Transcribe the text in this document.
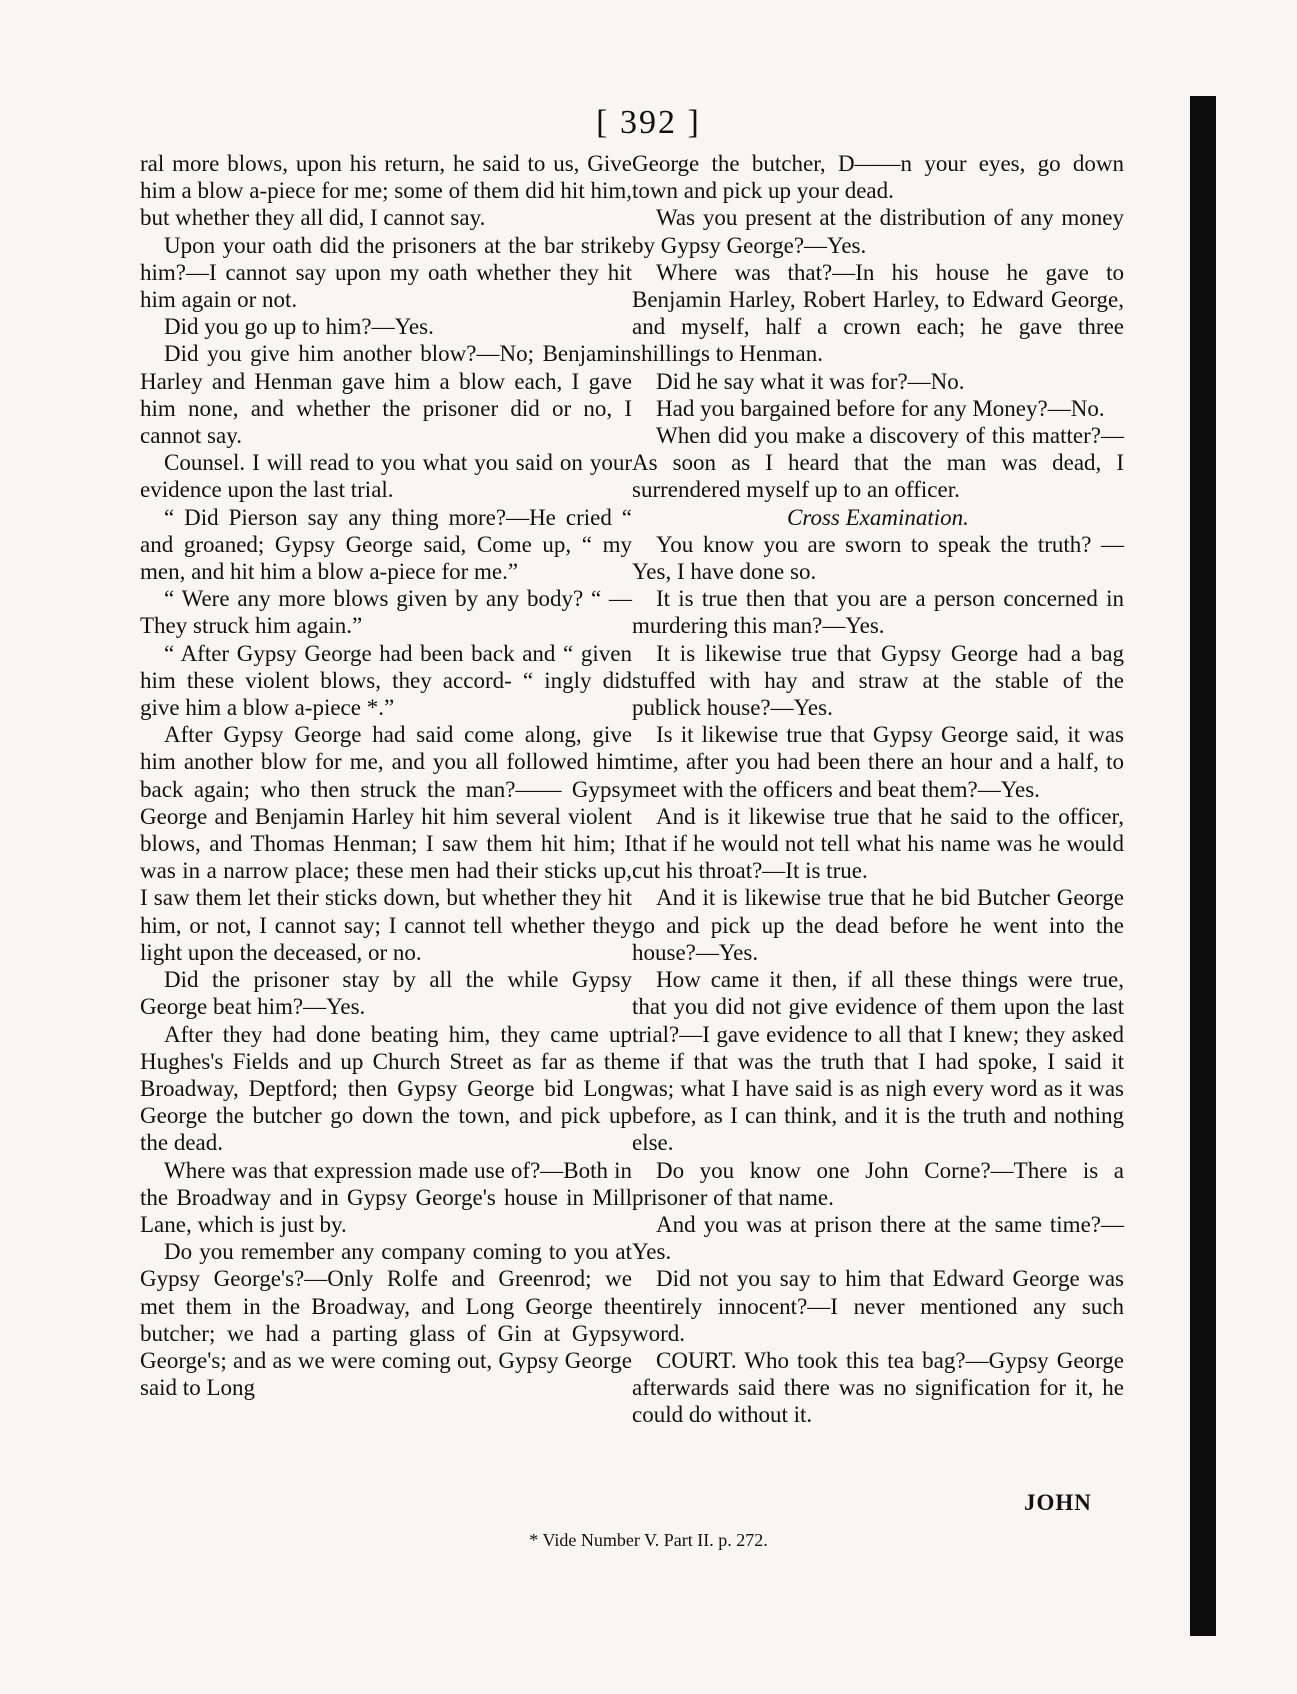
[ 392 ]

ral more blows, upon his return, he said to us, Give him a blow a-piece for me; some of them did hit him, but whether they all did, I cannot say.

Upon your oath did the prisoners at the bar strike him?—I cannot say upon my oath whether they hit him again or not.

Did you go up to him?—Yes.

Did you give him another blow?—No; Benjamin Harley and Henman gave him a blow each, I gave him none, and whether the prisoner did or no, I cannot say.

Counsel. I will read to you what you said on your evidence upon the last trial.

“ Did Pierson say any thing more?—He cried “ and groaned; Gypsy George said, Come up, “ my men, and hit him a blow a-piece for me.”

“ Were any more blows given by any body? “ —They struck him again.”

“ After Gypsy George had been back and “ given him these violent blows, they accord- “ ingly did give him a blow a-piece *.”

After Gypsy George had said come along, give him another blow for me, and you all followed him back again; who then struck the man?—— Gypsy George and Benjamin Harley hit him several violent blows, and Thomas Henman; I saw them hit him; I was in a narrow place; these men had their sticks up, I saw them let their sticks down, but whether they hit him, or not, I cannot say; I cannot tell whether they light upon the deceased, or no.

Did the prisoner stay by all the while Gypsy George beat him?—Yes.

After they had done beating him, they came up Hughes's Fields and up Church Street as far as the Broadway, Deptford; then Gypsy George bid Long George the butcher go down the town, and pick up the dead.

Where was that expression made use of?—Both in the Broadway and in Gypsy George's house in Mill Lane, which is just by.

Do you remember any company coming to you at Gypsy George's?—Only Rolfe and Greenrod; we met them in the Broadway, and Long George the butcher; we had a parting glass of Gin at Gypsy George's; and as we were coming out, Gypsy George said to Long

George the butcher, D——n your eyes, go down town and pick up your dead.

Was you present at the distribution of any money by Gypsy George?—Yes.

Where was that?—In his house he gave to Benjamin Harley, Robert Harley, to Edward George, and myself, half a crown each; he gave three shillings to Henman.

Did he say what it was for?—No.

Had you bargained before for any Money?—No.

When did you make a discovery of this matter?—As soon as I heard that the man was dead, I surrendered myself up to an officer.

Cross Examination.

You know you are sworn to speak the truth? —Yes, I have done so.

It is true then that you are a person concerned in murdering this man?—Yes.

It is likewise true that Gypsy George had a bag stuffed with hay and straw at the stable of the publick house?—Yes.

Is it likewise true that Gypsy George said, it was time, after you had been there an hour and a half, to meet with the officers and beat them?—Yes.

And is it likewise true that he said to the officer, that if he would not tell what his name was he would cut his throat?—It is true.

And it is likewise true that he bid Butcher George go and pick up the dead before he went into the house?—Yes.

How came it then, if all these things were true, that you did not give evidence of them upon the last trial?—I gave evidence to all that I knew; they asked me if that was the truth that I had spoke, I said it was; what I have said is as nigh every word as it was before, as I can think, and it is the truth and nothing else.

Do you know one John Corne?—There is a prisoner of that name.

And you was at prison there at the same time?—Yes.

Did not you say to him that Edward George was entirely innocent?—I never mentioned any such word.

COURT. Who took this tea bag?—Gypsy George afterwards said there was no signification for it, he could do without it.

JOHN
* Vide Number V. Part II. p. 272.
